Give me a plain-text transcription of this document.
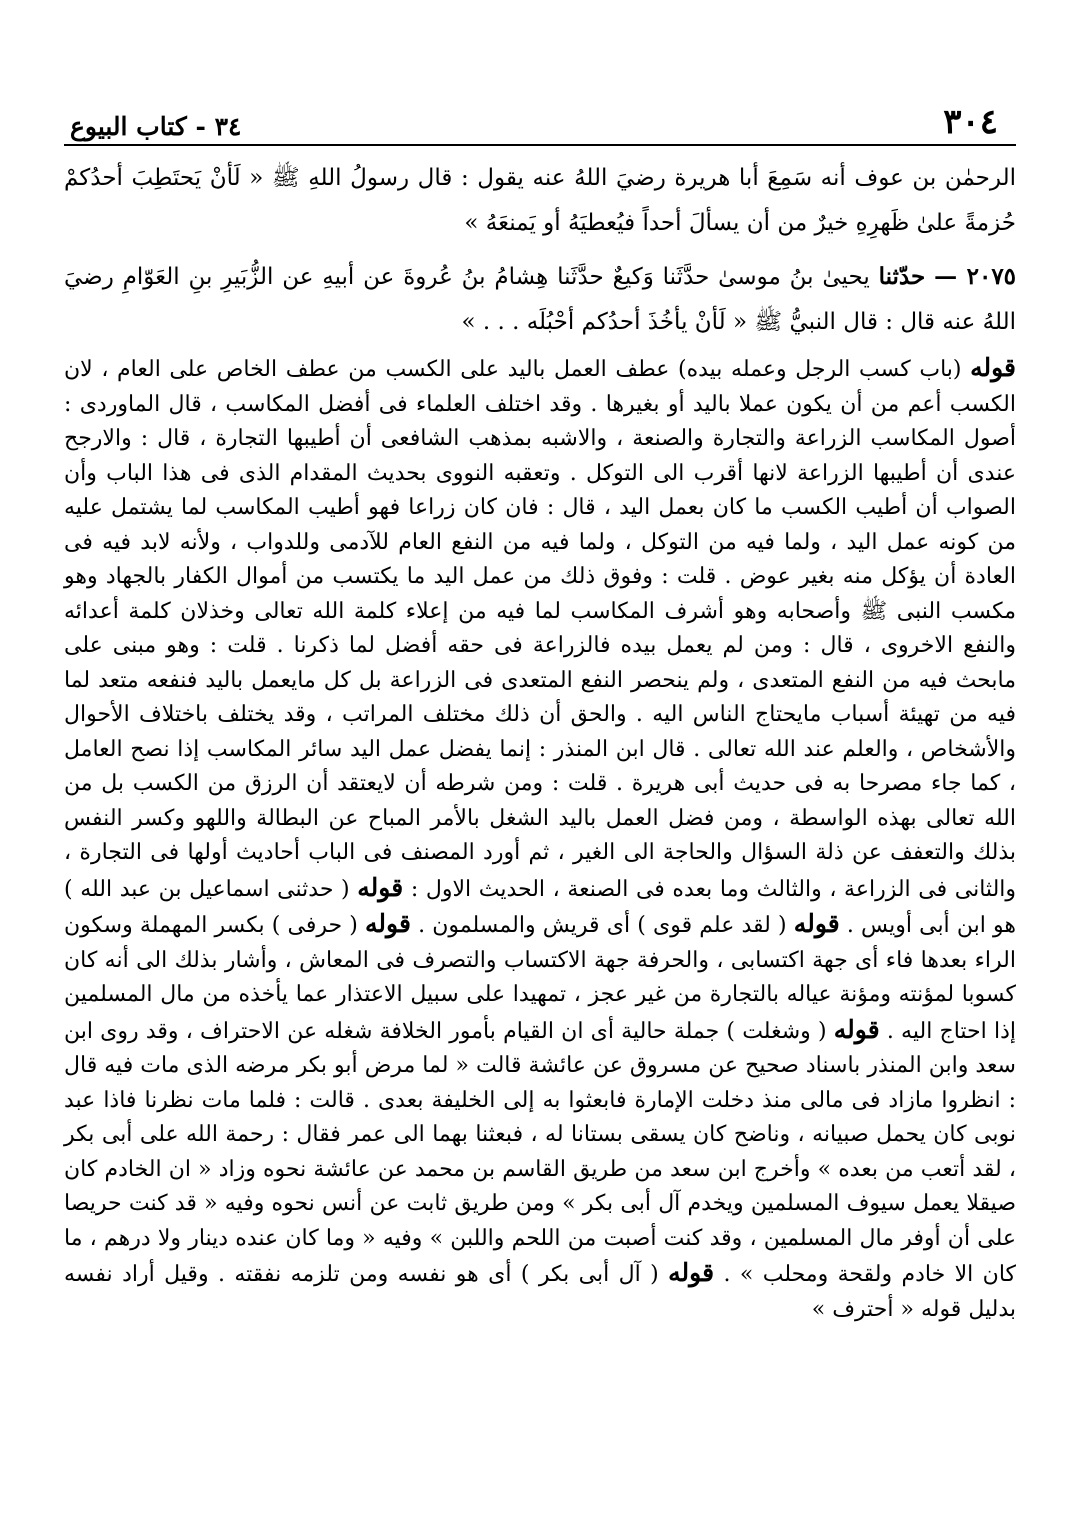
٣٠٤
٣٤ - كتاب البيوع

الرحمٰن بن عوف أنه سَمِعَ أبا هريرة رضيَ اللهُ عنه يقول : قال رسولُ اللهِ ﷺ « لَأنْ يَحتَطِبَ أحدُكمْ حُزمةً علىٰ ظَهرِهِ خيرٌ من أن يسألَ أحداً فيُعطيَهُ أو يَمنعَهُ »

٢٠٧٥ — حدّثنا يحيىٰ بنُ موسىٰ حدَّثَنا وَكيعٌ حدَّثَنا هِشامُ بنُ عُروةَ عن أبيهِ عن الزُّبَيرِ بنِ العَوّامِ رضيَ اللهُ عنه قال : قال النبيُّ ﷺ « لَأنْ يأخُذَ أحدُكم أحْبُلَه . . . »

قوله (باب كسب الرجل وعمله بيده) عطف العمل باليد على الكسب من عطف الخاص على العام ، لان الكسب أعم من أن يكون عملا باليد أو بغيرها . وقد اختلف العلماء فى أفضل المكاسب ، قال الماوردى : أصول المكاسب الزراعة والتجارة والصنعة ، والاشبه بمذهب الشافعى أن أطيبها التجارة ، قال : والارجح عندى أن أطيبها الزراعة لانها أقرب الى التوكل . وتعقبه النووى بحديث المقدام الذى فى هذا الباب وأن الصواب أن أطيب الكسب ما كان بعمل اليد ، قال : فان كان زراعا فهو أطيب المكاسب لما يشتمل عليه من كونه عمل اليد ، ولما فيه من التوكل ، ولما فيه من النفع العام للآدمى وللدواب ، ولأنه لابد فيه فى العادة أن يؤكل منه بغير عوض . قلت : وفوق ذلك من عمل اليد ما يكتسب من أموال الكفار بالجهاد وهو مكسب النبى ﷺ وأصحابه وهو أشرف المكاسب لما فيه من إعلاء كلمة الله تعالى وخذلان كلمة أعدائه والنفع الاخروى ، قال : ومن لم يعمل بيده فالزراعة فى حقه أفضل لما ذكرنا . قلت : وهو مبنى على مابحث فيه من النفع المتعدى ، ولم ينحصر النفع المتعدى فى الزراعة بل كل مايعمل باليد فنفعه متعد لما فيه من تهيئة أسباب مايحتاج الناس اليه . والحق أن ذلك مختلف المراتب ، وقد يختلف باختلاف الأحوال والأشخاص ، والعلم عند الله تعالى . قال ابن المنذر : إنما يفضل عمل اليد سائر المكاسب إذا نصح العامل ، كما جاء مصرحا به فى حديث أبى هريرة . قلت : ومن شرطه أن لايعتقد أن الرزق من الكسب بل من الله تعالى بهذه الواسطة ، ومن فضل العمل باليد الشغل بالأمر المباح عن البطالة واللهو وكسر النفس بذلك والتعفف عن ذلة السؤال والحاجة الى الغير ، ثم أورد المصنف فى الباب أحاديث أولها فى التجارة ، والثانى فى الزراعة ، والثالث وما بعده فى الصنعة ، الحديث الاول : قوله ( حدثنى اسماعيل بن عبد الله ) هو ابن أبى أويس . قوله ( لقد علم قوى ) أى قريش والمسلمون . قوله ( حرفى ) بكسر المهملة وسكون الراء بعدها فاء أى جهة اكتسابى ، والحرفة جهة الاكتساب والتصرف فى المعاش ، وأشار بذلك الى أنه كان كسوبا لمؤنته ومؤنة عياله بالتجارة من غير عجز ، تمهيدا على سبيل الاعتذار عما يأخذه من مال المسلمين إذا احتاج اليه . قوله ( وشغلت ) جملة حالية أى ان القيام بأمور الخلافة شغله عن الاحتراف ، وقد روى ابن سعد وابن المنذر باسناد صحيح عن مسروق عن عائشة قالت « لما مرض أبو بكر مرضه الذى مات فيه قال : انظروا مازاد فى مالى منذ دخلت الإمارة فابعثوا به إلى الخليفة بعدى . قالت : فلما مات نظرنا فاذا عبد نوبى كان يحمل صبيانه ، وناضح كان يسقى بستانا له ، فبعثنا بهما الى عمر فقال : رحمة الله على أبى بكر ، لقد أتعب من بعده » وأخرج ابن سعد من طريق القاسم بن محمد عن عائشة نحوه وزاد « ان الخادم كان صيقلا يعمل سيوف المسلمين ويخدم آل أبى بكر » ومن طريق ثابت عن أنس نحوه وفيه « قد كنت حريصا على أن أوفر مال المسلمين ، وقد كنت أصبت من اللحم واللبن » وفيه « وما كان عنده دينار ولا درهم ، ما كان الا خادم ولقحة ومحلب » . قوله ( آل أبى بكر ) أى هو نفسه ومن تلزمه نفقته . وقيل أراد نفسه بدليل قوله « أحترف »
